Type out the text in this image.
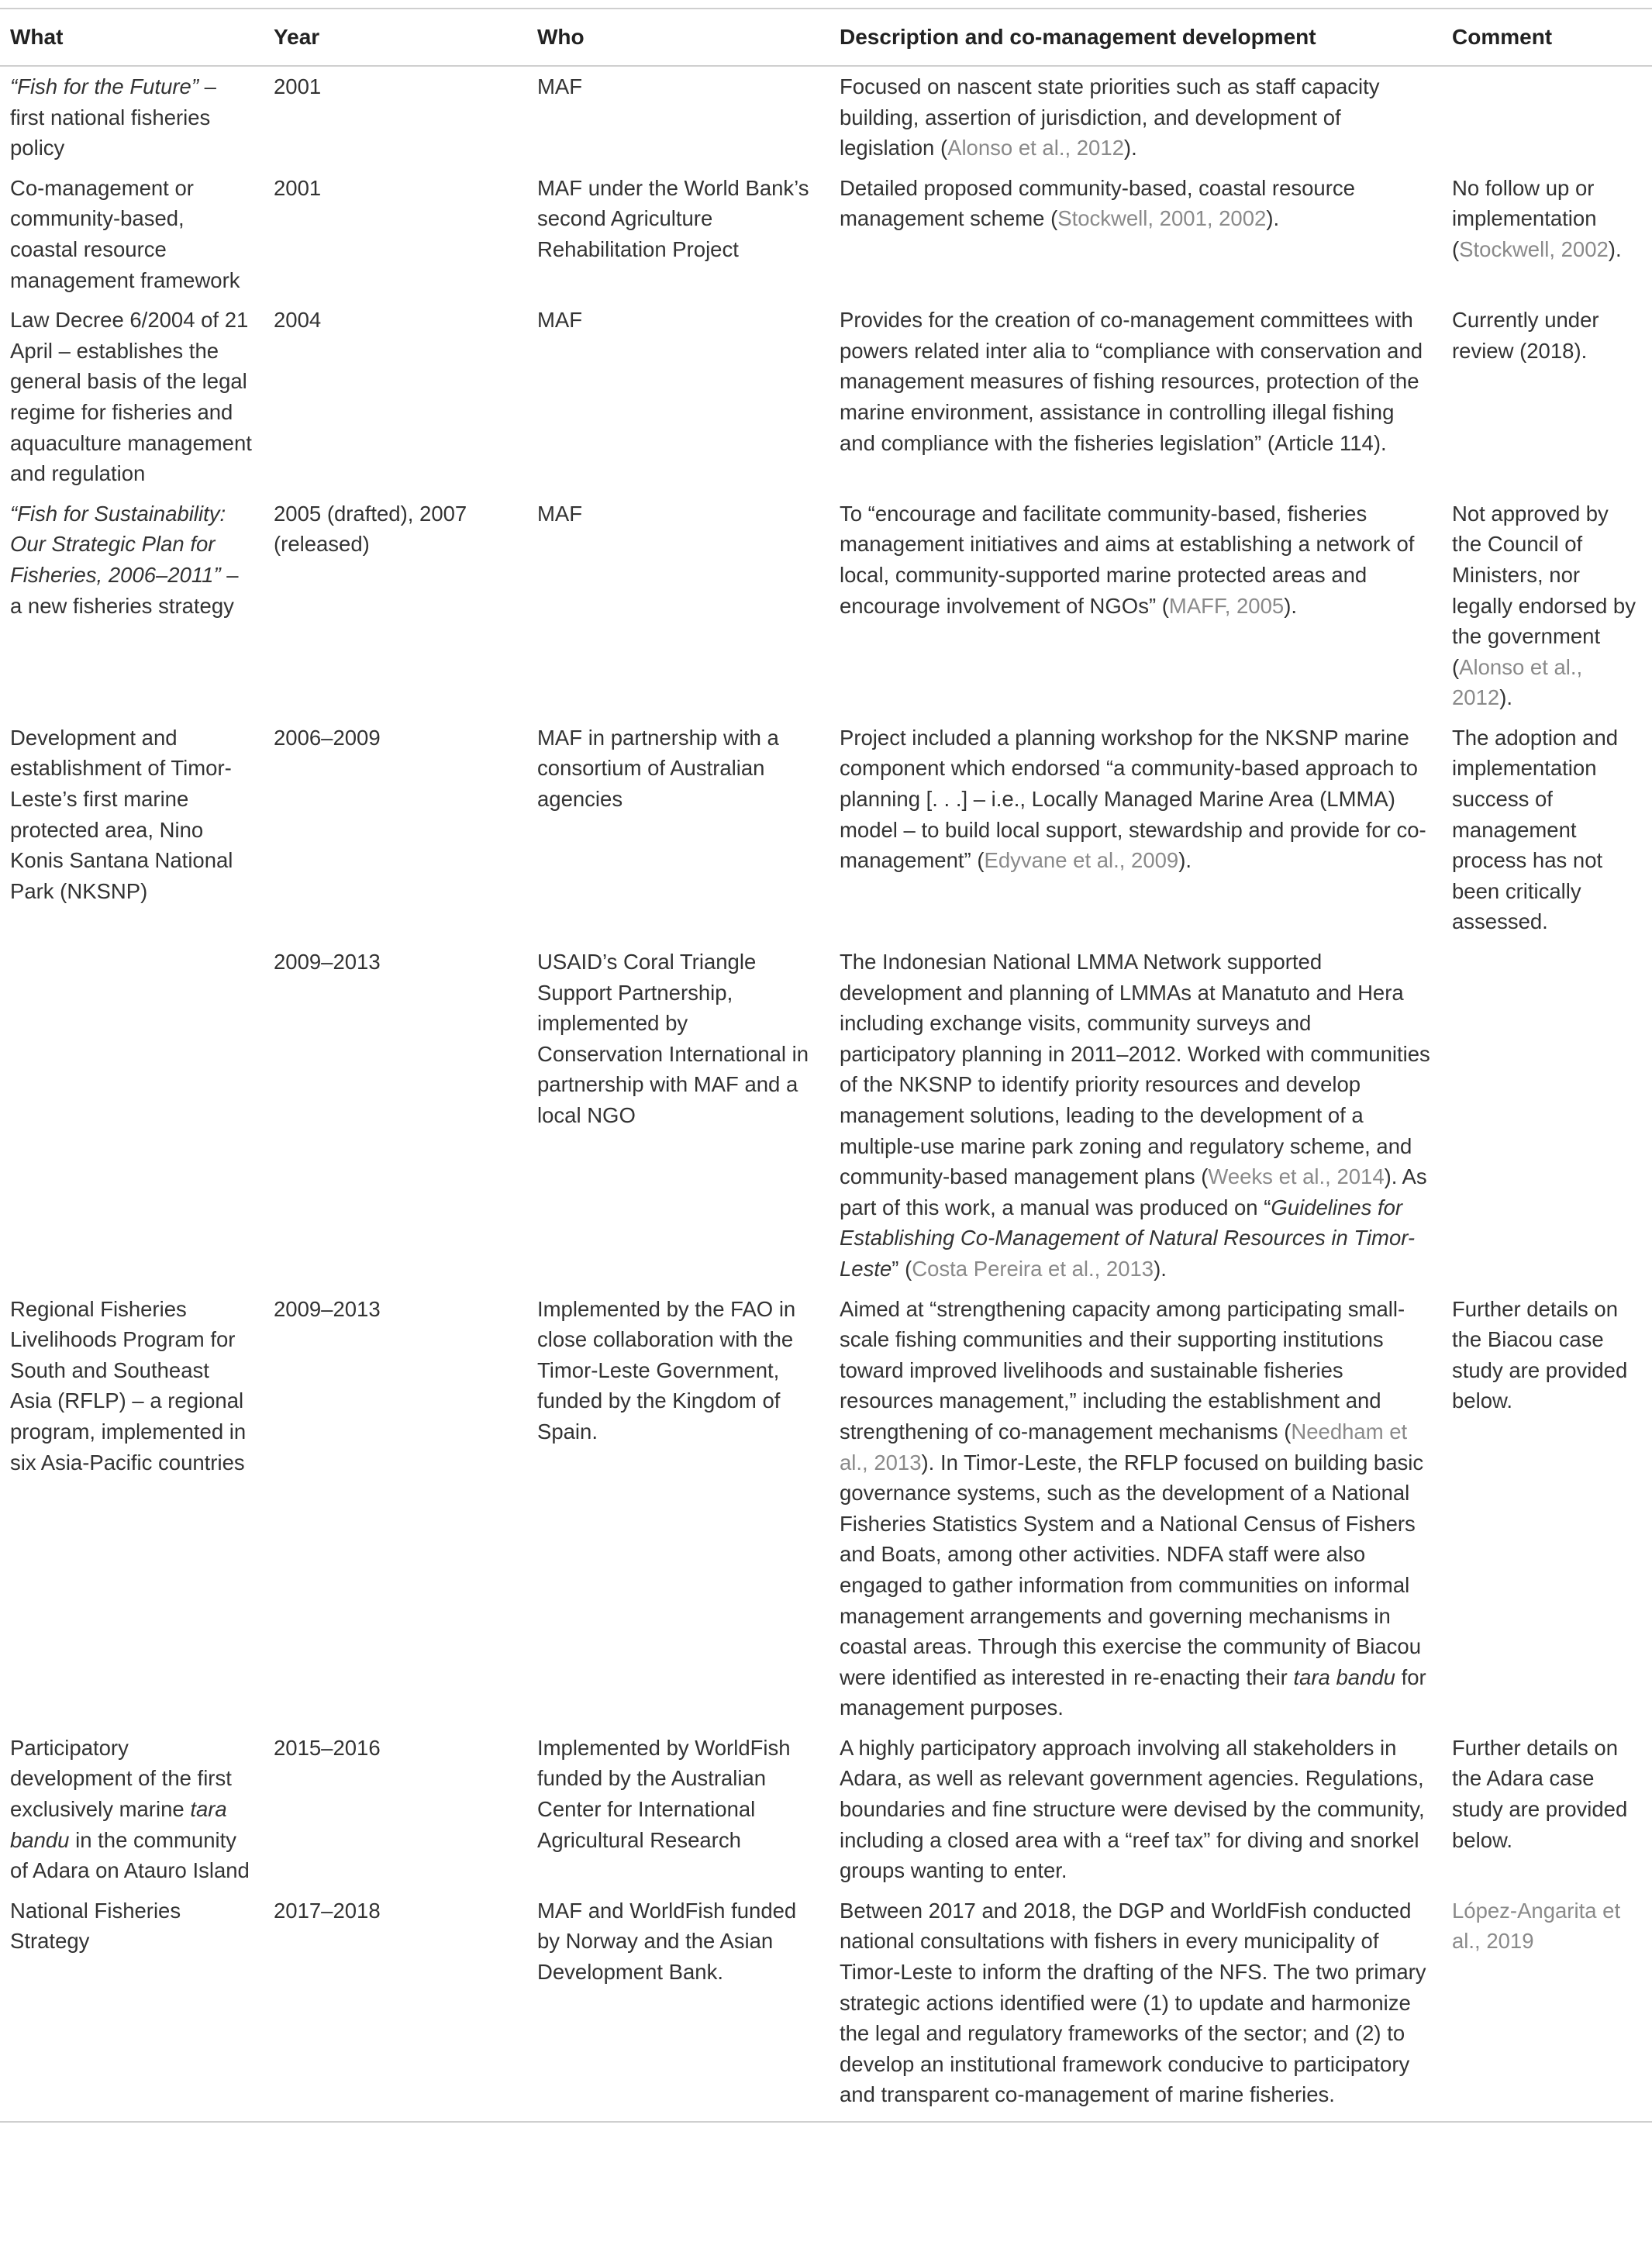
What	Year	Who	Description and co-management development	Comment
“Fish for the Future” – first national fisheries policy	2001	MAF	Focused on nascent state priorities such as staff capacity building, assertion of jurisdiction, and development of legislation (Alonso et al., 2012).	
Co-management or community-based, coastal resource management framework	2001	MAF under the World Bank’s second Agriculture Rehabilitation Project	Detailed proposed community-based, coastal resource management scheme (Stockwell, 2001, 2002).	No follow up or implementation (Stockwell, 2002).
Law Decree 6/2004 of 21 April – establishes the general basis of the legal regime for fisheries and aquaculture management and regulation	2004	MAF	Provides for the creation of co-management committees with powers related inter alia to “compliance with conservation and management measures of fishing resources, protection of the marine environment, assistance in controlling illegal fishing and compliance with the fisheries legislation” (Article 114).	Currently under review (2018).
“Fish for Sustainability: Our Strategic Plan for Fisheries, 2006–2011” – a new fisheries strategy	2005 (drafted), 2007 (released)	MAF	To “encourage and facilitate community-based, fisheries management initiatives and aims at establishing a network of local, community-supported marine protected areas and encourage involvement of NGOs” (MAFF, 2005).	Not approved by the Council of Ministers, nor legally endorsed by the government (Alonso et al., 2012).
Development and establishment of Timor-Leste’s first marine protected area, Nino Konis Santana National Park (NKSNP)	2006–2009	MAF in partnership with a consortium of Australian agencies	Project included a planning workshop for the NKSNP marine component which endorsed “a community-based approach to planning [. . .] – i.e., Locally Managed Marine Area (LMMA) model – to build local support, stewardship and provide for co-management” (Edyvane et al., 2009).	The adoption and implementation success of management process has not been critically assessed.
	2009–2013	USAID’s Coral Triangle Support Partnership, implemented by Conservation International in partnership with MAF and a local NGO	The Indonesian National LMMA Network supported development and planning of LMMAs at Manatuto and Hera including exchange visits, community surveys and participatory planning in 2011–2012. Worked with communities of the NKSNP to identify priority resources and develop management solutions, leading to the development of a multiple-use marine park zoning and regulatory scheme, and community-based management plans (Weeks et al., 2014). As part of this work, a manual was produced on “Guidelines for Establishing Co-Management of Natural Resources in Timor-Leste” (Costa Pereira et al., 2013).	
Regional Fisheries Livelihoods Program for South and Southeast Asia (RFLP) – a regional program, implemented in six Asia-Pacific countries	2009–2013	Implemented by the FAO in close collaboration with the Timor-Leste Government, funded by the Kingdom of Spain.	Aimed at “strengthening capacity among participating small-scale fishing communities and their supporting institutions toward improved livelihoods and sustainable fisheries resources management,” including the establishment and strengthening of co-management mechanisms (Needham et al., 2013). In Timor-Leste, the RFLP focused on building basic governance systems, such as the development of a National Fisheries Statistics System and a National Census of Fishers and Boats, among other activities. NDFA staff were also engaged to gather information from communities on informal management arrangements and governing mechanisms in coastal areas. Through this exercise the community of Biacou were identified as interested in re-enacting their tara bandu for management purposes.	Further details on the Biacou case study are provided below.
Participatory development of the first exclusively marine tara bandu in the community of Adara on Atauro Island	2015–2016	Implemented by WorldFish funded by the Australian Center for International Agricultural Research	A highly participatory approach involving all stakeholders in Adara, as well as relevant government agencies. Regulations, boundaries and fine structure were devised by the community, including a closed area with a “reef tax” for diving and snorkel groups wanting to enter.	Further details on the Adara case study are provided below.
National Fisheries Strategy	2017–2018	MAF and WorldFish funded by Norway and the Asian Development Bank.	Between 2017 and 2018, the DGP and WorldFish conducted national consultations with fishers in every municipality of Timor-Leste to inform the drafting of the NFS. The two primary strategic actions identified were (1) to update and harmonize the legal and regulatory frameworks of the sector; and (2) to develop an institutional framework conducive to participatory and transparent co-management of marine fisheries.	López-Angarita et al., 2019
